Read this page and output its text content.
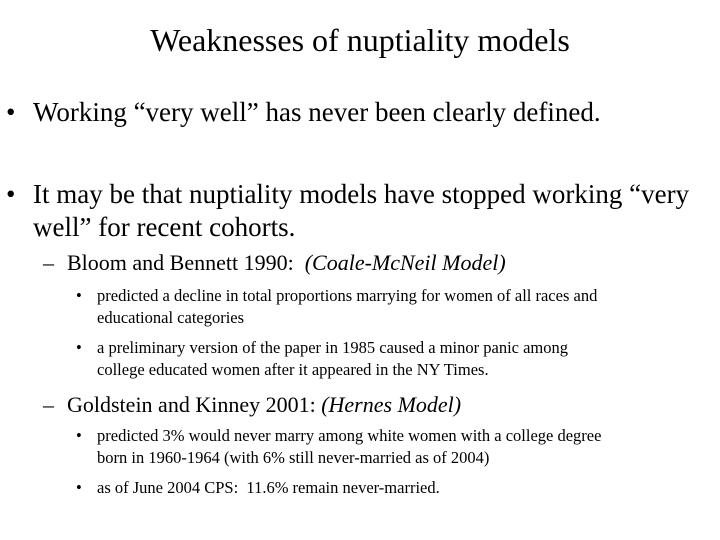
Weaknesses of nuptiality models
• Working “very well” has never been clearly defined.
• It may be that nuptiality models have stopped working “very
well” for recent cohorts.
– Bloom and Bennett 1990: (Coale-McNeil Model)
• predicted a decline in total proportions marrying for women of all races and
educational categories
• a preliminary version of the paper in 1985 caused a minor panic among
college educated women after it appeared in the NY Times.
– Goldstein and Kinney 2001: (Hernes Model)
• predicted 3% would never marry among white women with a college degree
born in 1960-1964 (with 6% still never-married as of 2004)
• as of June 2004 CPS:  11.6% remain never-married.
